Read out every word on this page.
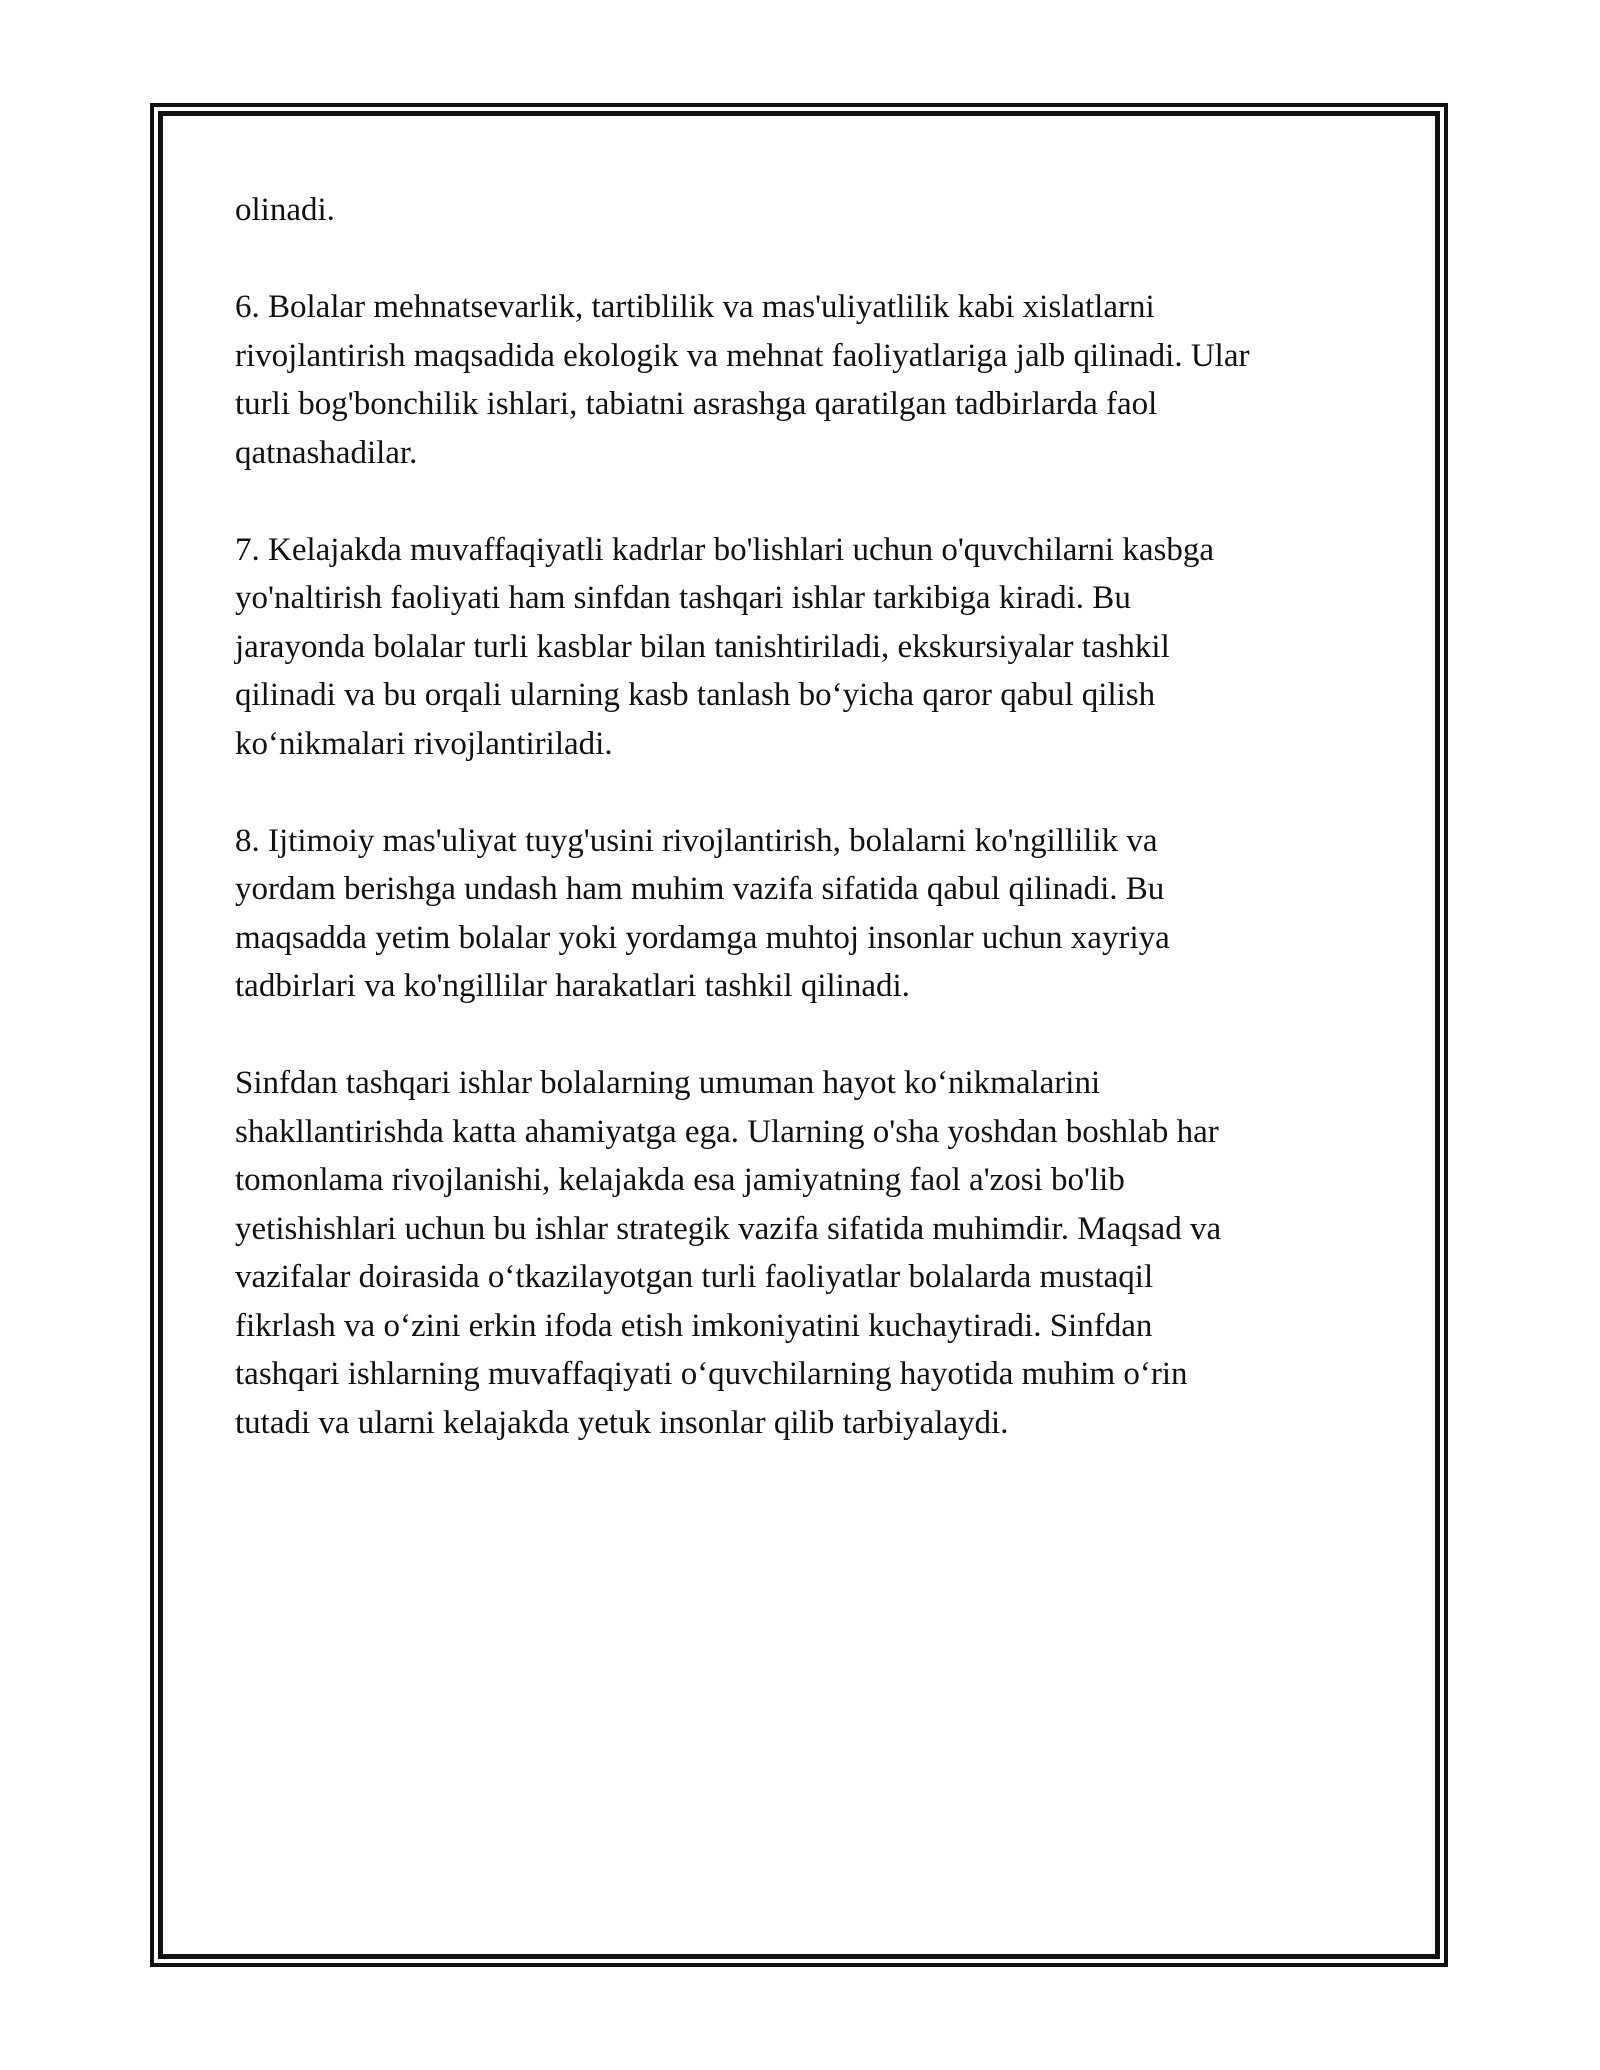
olinadi.

6. Bolalar mehnatsevarlik, tartiblilik va mas'uliyatlilik kabi xislatlarni
rivojlantirish maqsadida ekologik va mehnat faoliyatlariga jalb qilinadi. Ular
turli bog'bonchilik ishlari, tabiatni asrashga qaratilgan tadbirlarda faol
qatnashadilar.

7. Kelajakda muvaffaqiyatli kadrlar bo'lishlari uchun o'quvchilarni kasbga
yo'naltirish faoliyati ham sinfdan tashqari ishlar tarkibiga kiradi. Bu
jarayonda bolalar turli kasblar bilan tanishtiriladi, ekskursiyalar tashkil
qilinadi va bu orqali ularning kasb tanlash bo‘yicha qaror qabul qilish
ko‘nikmalari rivojlantiriladi.

8. Ijtimoiy mas'uliyat tuyg'usini rivojlantirish, bolalarni ko'ngillilik va
yordam berishga undash ham muhim vazifa sifatida qabul qilinadi. Bu
maqsadda yetim bolalar yoki yordamga muhtoj insonlar uchun xayriya
tadbirlari va ko'ngillilar harakatlari tashkil qilinadi.

Sinfdan tashqari ishlar bolalarning umuman hayot ko‘nikmalarini
shakllantirishda katta ahamiyatga ega. Ularning o'sha yoshdan boshlab har
tomonlama rivojlanishi, kelajakda esa jamiyatning faol a'zosi bo'lib
yetishishlari uchun bu ishlar strategik vazifa sifatida muhimdir. Maqsad va
vazifalar doirasida o‘tkazilayotgan turli faoliyatlar bolalarda mustaqil
fikrlash va o‘zini erkin ifoda etish imkoniyatini kuchaytiradi. Sinfdan
tashqari ishlarning muvaffaqiyati o‘quvchilarning hayotida muhim o‘rin
tutadi va ularni kelajakda yetuk insonlar qilib tarbiyalaydi.
